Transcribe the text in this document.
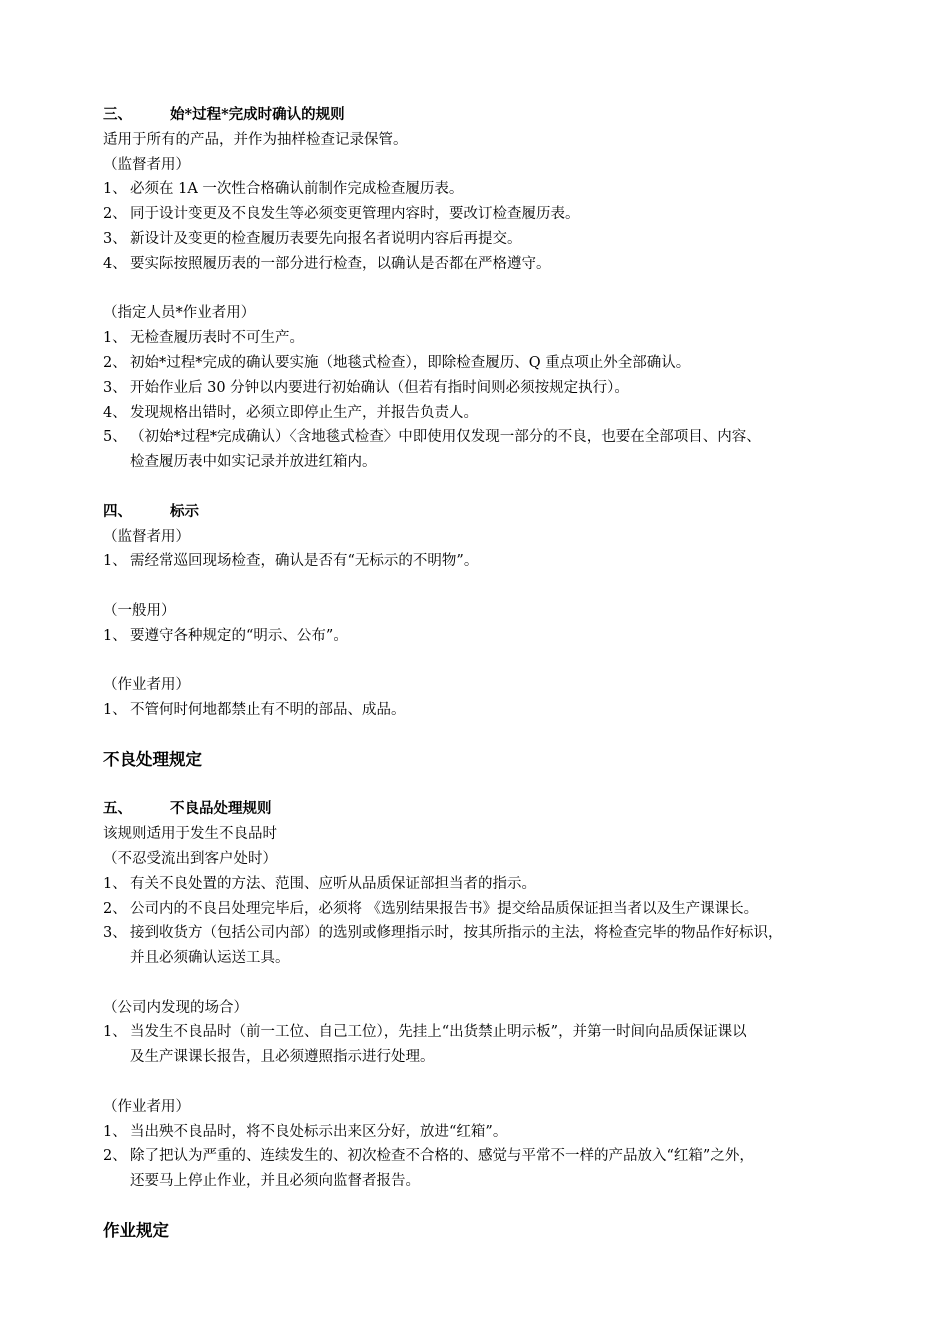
三、	始*过程*完成时确认的规则
适用于所有的产品，并作为抽样检查记录保管。
（监督者用）
1、 必须在 1A 一次性合格确认前制作完成检查履历表。
2、 同于设计变更及不良发生等必须变更管理内容时，要改订检查履历表。
3、 新设计及变更的检查履历表要先向报名者说明内容后再提交。
4、 要实际按照履历表的一部分进行检查，以确认是否都在严格遵守。
（指定人员*作业者用）
1、 无检查履历表时不可生产。
2、 初始*过程*完成的确认要实施（地毯式检查），即除检查履历、Q 重点项止外全部确认。
3、 开始作业后 30 分钟以内要进行初始确认（但若有指时间则必须按规定执行）。
4、 发现规格出错时，必须立即停止生产，并报告负责人。
5、 （初始*过程*完成确认）〈含地毯式检查〉中即使用仅发现一部分的不良，也要在全部项目、内容、
检查履历表中如实记录并放进红箱内。
四、	标示
（监督者用）
1、 需经常巡回现场检查，确认是否有“无标示的不明物”。
（一般用）
1、 要遵守各种规定的“明示、公布”。
（作业者用）
1、 不管何时何地都禁止有不明的部品、成品。
不良处理规定
五、	不良品处理规则
该规则适用于发生不良品时
（不忍受流出到客户处时）
1、 有关不良处置的方法、范围、应听从品质保证部担当者的指示。
2、 公司内的不良吕处理完毕后，必须将 《选别结果报告书》提交给品质保证担当者以及生产课课长。
3、 接到收货方（包括公司内部）的选别或修理指示时，按其所指示的主法，将检查完毕的物品作好标识，
并且必须确认运送工具。
（公司内发现的场合）
1、 当发生不良品时（前一工位、自己工位），先挂上“出货禁止明示板”，并第一时间向品质保证课以
及生产课课长报告，且必须遵照指示进行处理。
（作业者用）
1、 当出殃不良品时，将不良处标示出来区分好，放进“红箱”。
2、 除了把认为严重的、连续发生的、初次检查不合格的、感觉与平常不一样的产品放入“红箱”之外，
还要马上停止作业，并且必须向监督者报告。
作业规定
